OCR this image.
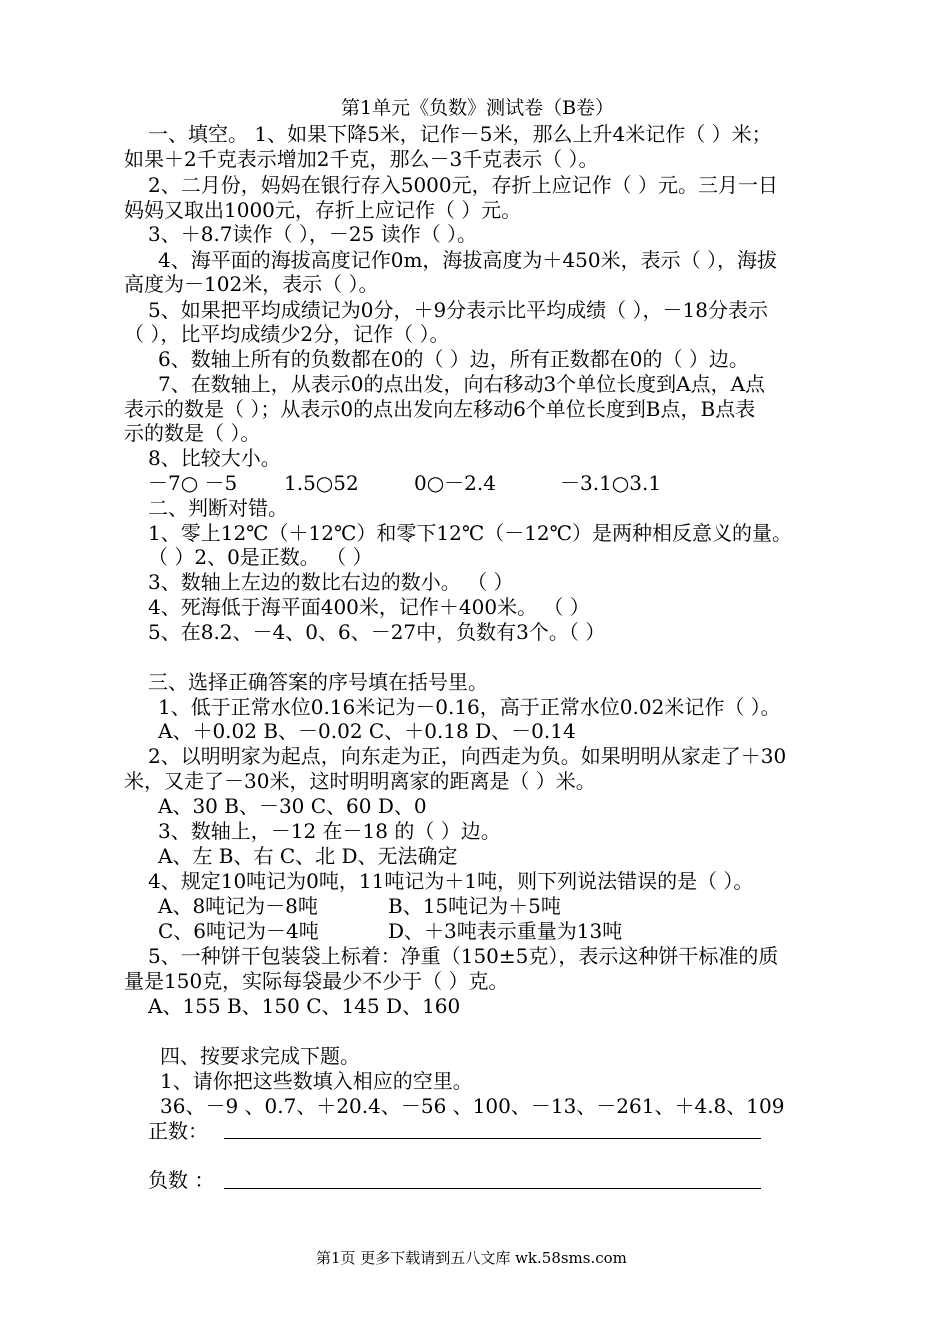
第1单元《负数》测试卷（B卷）
一、填空。 1、如果下降5米，记作－5米，那么上升4米记作（ ）米；
如果＋2千克表示增加2千克，那么－3千克表示（ ）。
2、二月份，妈妈在银行存入5000元，存折上应记作（ ）元。三月一日
妈妈又取出1000元，存折上应记作（ ）元。
3、＋8.7读作（ ），－25 读作（ ）。
4、海平面的海拔高度记作0m，海拔高度为＋450米，表示（ ），海拔
高度为－102米，表示（ ）。
5、如果把平均成绩记为0分，＋9分表示比平均成绩（ ），－18分表示
（ ），比平均成绩少2分，记作（ ）。
6、数轴上所有的负数都在0的（ ）边，所有正数都在0的（ ）边。
7、在数轴上，从表示0的点出发，向右移动3个单位长度到A点，A点
表示的数是（ ）；从表示0的点出发向左移动6个单位长度到B点，B点表
示的数是（ ）。
8、比较大小。
－7○ －5 1.5○52	0○－2.4	－3.1○3.1
二、判断对错。
1、零上12℃（＋12℃）和零下12℃（－12℃）是两种相反意义的量。
（ ）2、0是正数。 （ ）
3、数轴上左边的数比右边的数小。 （ ）
4、死海低于海平面400米，记作＋400米。 （ ）
5、在8.2、－4、0、6、－27中，负数有3个。（ ）
三、选择正确答案的序号填在括号里。
1、低于正常水位0.16米记为－0.16，高于正常水位0.02米记作（ ）。
A、＋0.02 B、－0.02 C、＋0.18 D、－0.14
2、以明明家为起点，向东走为正，向西走为负。如果明明从家走了＋30
米，又走了－30米，这时明明离家的距离是（ ）米。
A、30 B、－30 C、60 D、0
3、数轴上，－12 在－18 的（ ）边。
A、左 B、右 C、北 D、无法确定
4、规定10吨记为0吨，11吨记为＋1吨，则下列说法错误的是（ ）。
A、8吨记为－8吨	B、15吨记为＋5吨
C、6吨记为－4吨	D、＋3吨表示重量为13吨
5、一种饼干包装袋上标着：净重（150±5克），表示这种饼干标准的质
量是150克，实际每袋最少不少于（ ）克。
A、155 B、150 C、145 D、160
四、按要求完成下题。
1、请你把这些数填入相应的空里。
36、－9 、0.7、＋20.4、－56 、100、－13、－261、＋4.8、109
正数：
负数 ：
第1页 更多下载请到五八文库 wk.58sms.com
